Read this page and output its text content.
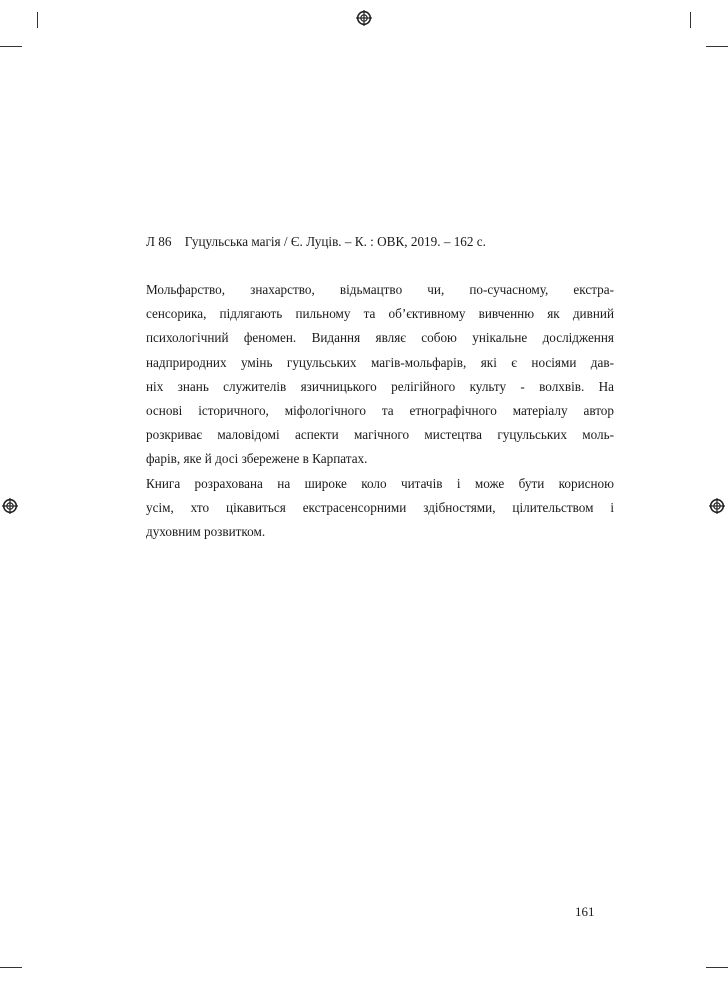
Л 86 Гуцульська магія / Є. Луців. – К. : ОВК, 2019. – 162 с.
Мольфарство, знахарство, відьмацтво чи, по-сучасному, екстра-
сенсорика, підлягають пильному та об’єктивному вивченню як дивний
психологічний феномен. Видання являє собою унікальне дослідження
надприродних умінь гуцульських магів-мольфарів, які є носіями дав-
ніх знань служителів язичницького релігійного культу - волхвів. На
основі історичного, міфологічного та етнографічного матеріалу автор
розкриває маловідомі аспекти магічного мистецтва гуцульських моль-
фарів, яке й досі збережене в Карпатах.
Книга розрахована на широке коло читачів і може бути корисною
усім, хто цікавиться екстрасенсорними здібностями, цілительством і
духовним розвитком.
161
